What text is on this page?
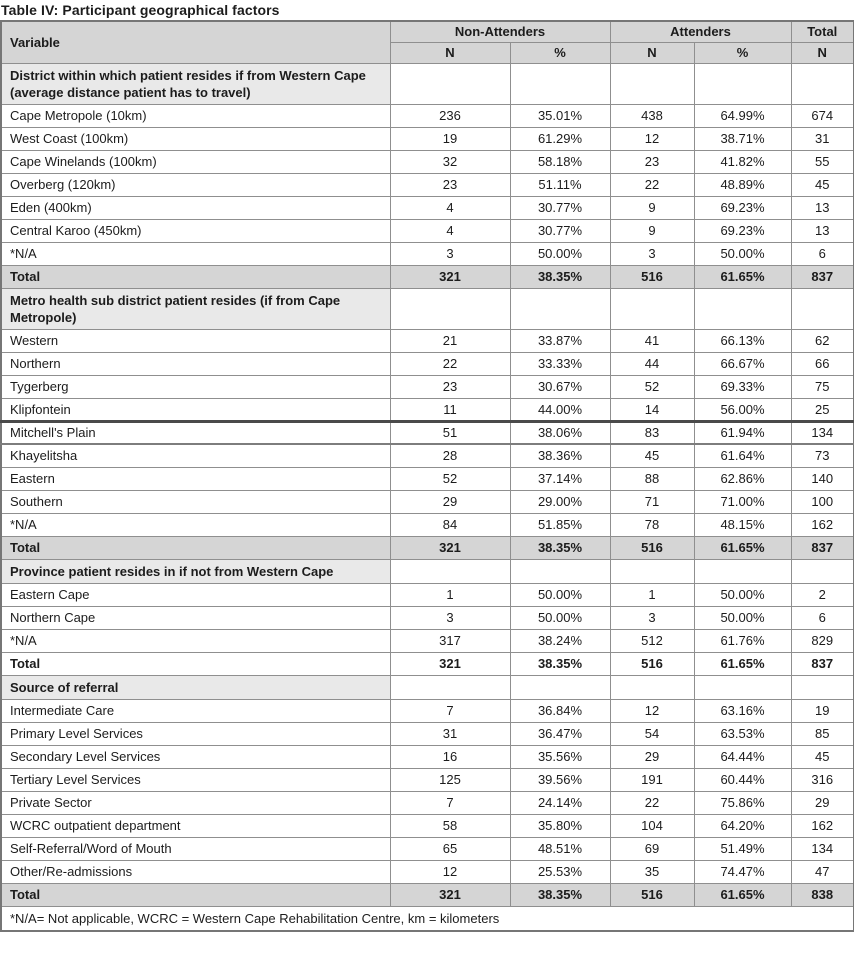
Table IV: Participant geographical factors
Variable	Non-Attenders		Attenders		Total
	N	%	N	%	N
District within which patient resides if from Western Cape (average distance patient has to travel)					
Cape Metropole (10km)	236	35.01%	438	64.99%	674
West Coast (100km)	19	61.29%	12	38.71%	31
Cape Winelands (100km)	32	58.18%	23	41.82%	55
Overberg (120km)	23	51.11%	22	48.89%	45
Eden (400km)	4	30.77%	9	69.23%	13
Central Karoo (450km)	4	30.77%	9	69.23%	13
*N/A	3	50.00%	3	50.00%	6
Total	321	38.35%	516	61.65%	837
Metro health sub district patient resides (if from Cape Metropole)					
Western	21	33.87%	41	66.13%	62
Northern	22	33.33%	44	66.67%	66
Tygerberg	23	30.67%	52	69.33%	75
Klipfontein	11	44.00%	14	56.00%	25
Mitchell's Plain	51	38.06%	83	61.94%	134
Khayelitsha	28	38.36%	45	61.64%	73
Eastern	52	37.14%	88	62.86%	140
Southern	29	29.00%	71	71.00%	100
*N/A	84	51.85%	78	48.15%	162
Total	321	38.35%	516	61.65%	837
Province patient resides in if not from Western Cape					
Eastern Cape	1	50.00%	1	50.00%	2
Northern Cape	3	50.00%	3	50.00%	6
*N/A	317	38.24%	512	61.76%	829
Total	321	38.35%	516	61.65%	837
Source of referral					
Intermediate Care	7	36.84%	12	63.16%	19
Primary Level Services	31	36.47%	54	63.53%	85
Secondary Level Services	16	35.56%	29	64.44%	45
Tertiary Level Services	125	39.56%	191	60.44%	316
Private Sector	7	24.14%	22	75.86%	29
WCRC outpatient department	58	35.80%	104	64.20%	162
Self-Referral/Word of Mouth	65	48.51%	69	51.49%	134
Other/Re-admissions	12	25.53%	35	74.47%	47
Total	321	38.35%	516	61.65%	838
*N/A= Not applicable, WCRC = Western Cape Rehabilitation Centre, km = kilometers					
